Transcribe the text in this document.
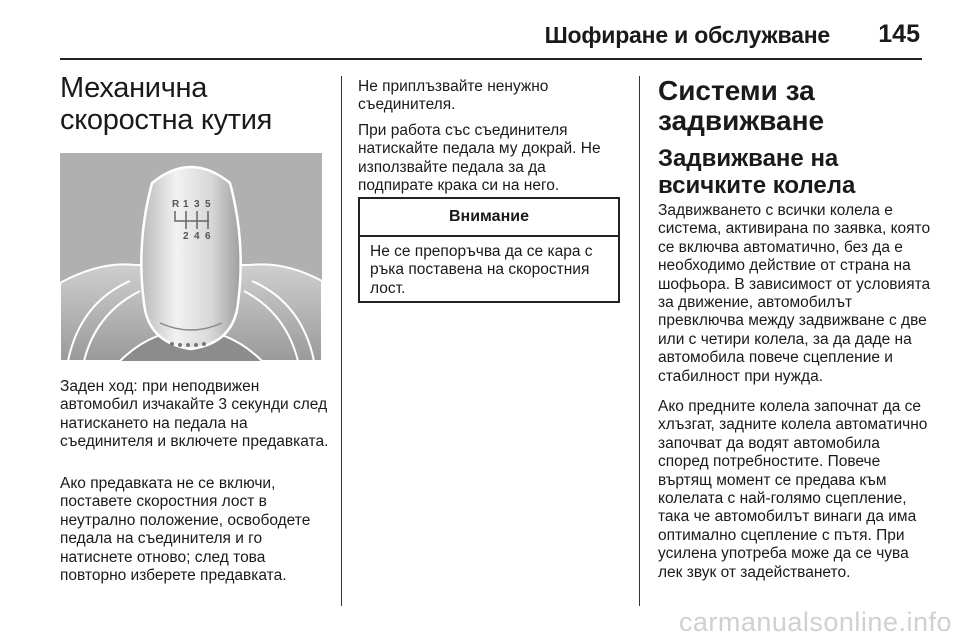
Шофиране и обслужване 145
Механична скоростна кутия
R 1 3 5
2 4 6

Заден ход: при неподвижен автомобил изчакайте 3 секунди след натискането на педала на съединителя и включете предавката.

Ако предавката не се включи, поставете скоростния лост в неутрално положение, освободете педала на съединителя и го натиснете отново; след това повторно изберете предавката.

Не приплъзвайте ненужно съединителя.

При работа със съединителя натискайте педала му докрай. Не използвайте педала за да подпирате крака си на него.

Внимание
Не се препоръчва да се кара с ръка поставена на скоростния лост.
Системи за задвижване
Задвижване на всичките колела

Задвижването с всички колела е система, активирана по заявка, която се включва автоматично, без да е необходимо действие от страна на шофьора. В зависимост от условията за движение, автомобилът превключва между задвижване с две или с четири колела, за да даде на автомобила повече сцепление и стабилност при нужда.

Ако предните колела започнат да се хлъзгат, задните колела автоматично започват да водят автомобила според потребностите. Повече въртящ момент се предава към колелата с най-голямо сцепление, така че автомобилът винаги да има оптимално сцепление с пътя. При усилена употреба може да се чува лек звук от задействането.

carmanualsonline.info
